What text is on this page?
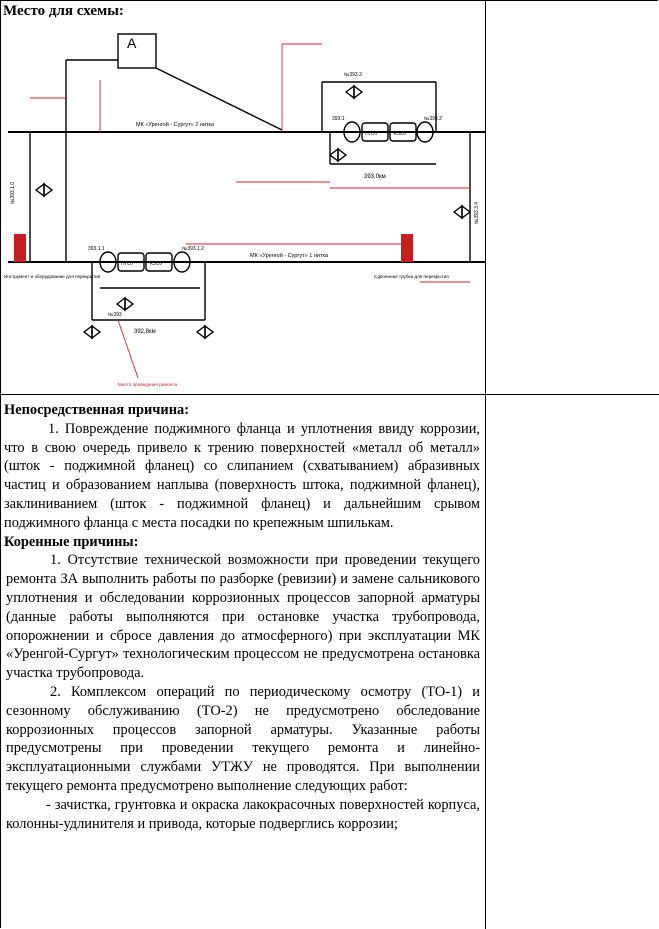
Место для схемы:
А
МК «Уренгой - Сургут» 2 нитка
МК «Уренгой - Сургут» 1 нитка
393,0км
392,8км
НГОУ	КЗОУ
НГОУ	КЗОУ
№393.2
393.1
393.1.1	№393.1.2
№393
№393.2
№393.1.0
№393.3.4
Инструмент и оборудование для перекрытия	Сдвоенная трубка для перекрытия
Место проведения ремонта

Непосредственная причина:

1. Повреждение поджимного фланца и уплотнения ввиду коррозии, что в свою очередь привело к трению поверхностей «металл об металл» (шток - поджимной фланец) со слипанием (схватыванием) абразивных частиц и образованием наплыва (поверхность штока, поджимной фланец), заклиниванием (шток - поджимной фланец) и дальнейшим срывом поджимного фланца с места посадки по крепежным шпилькам.

Коренные причины:

1. Отсутствие технической возможности при проведении текущего ремонта ЗА выполнить работы по разборке (ревизии) и замене сальникового уплотнения и обследовании коррозионных процессов запорной арматуры (данные работы выполняются при остановке участка трубопровода, опорожнении и сбросе давления до атмосферного) при эксплуатации МК «Уренгой-Сургут» технологическим процессом не предусмотрена остановка участка трубопровода.

2. Комплексом операций по периодическому осмотру (ТО-1) и сезонному обслуживанию (ТО-2) не предусмотрено обследование коррозионных процессов запорной арматуры. Указанные работы предусмотрены при проведении текущего ремонта и линейно-эксплуатационными службами УТЖУ не проводятся. При выполнении текущего ремонта предусмотрено выполнение следующих работ:

- зачистка, грунтовка и окраска лакокрасочных поверхностей корпуса, колонны-удлинителя и привода, которые подверглись коррозии;
